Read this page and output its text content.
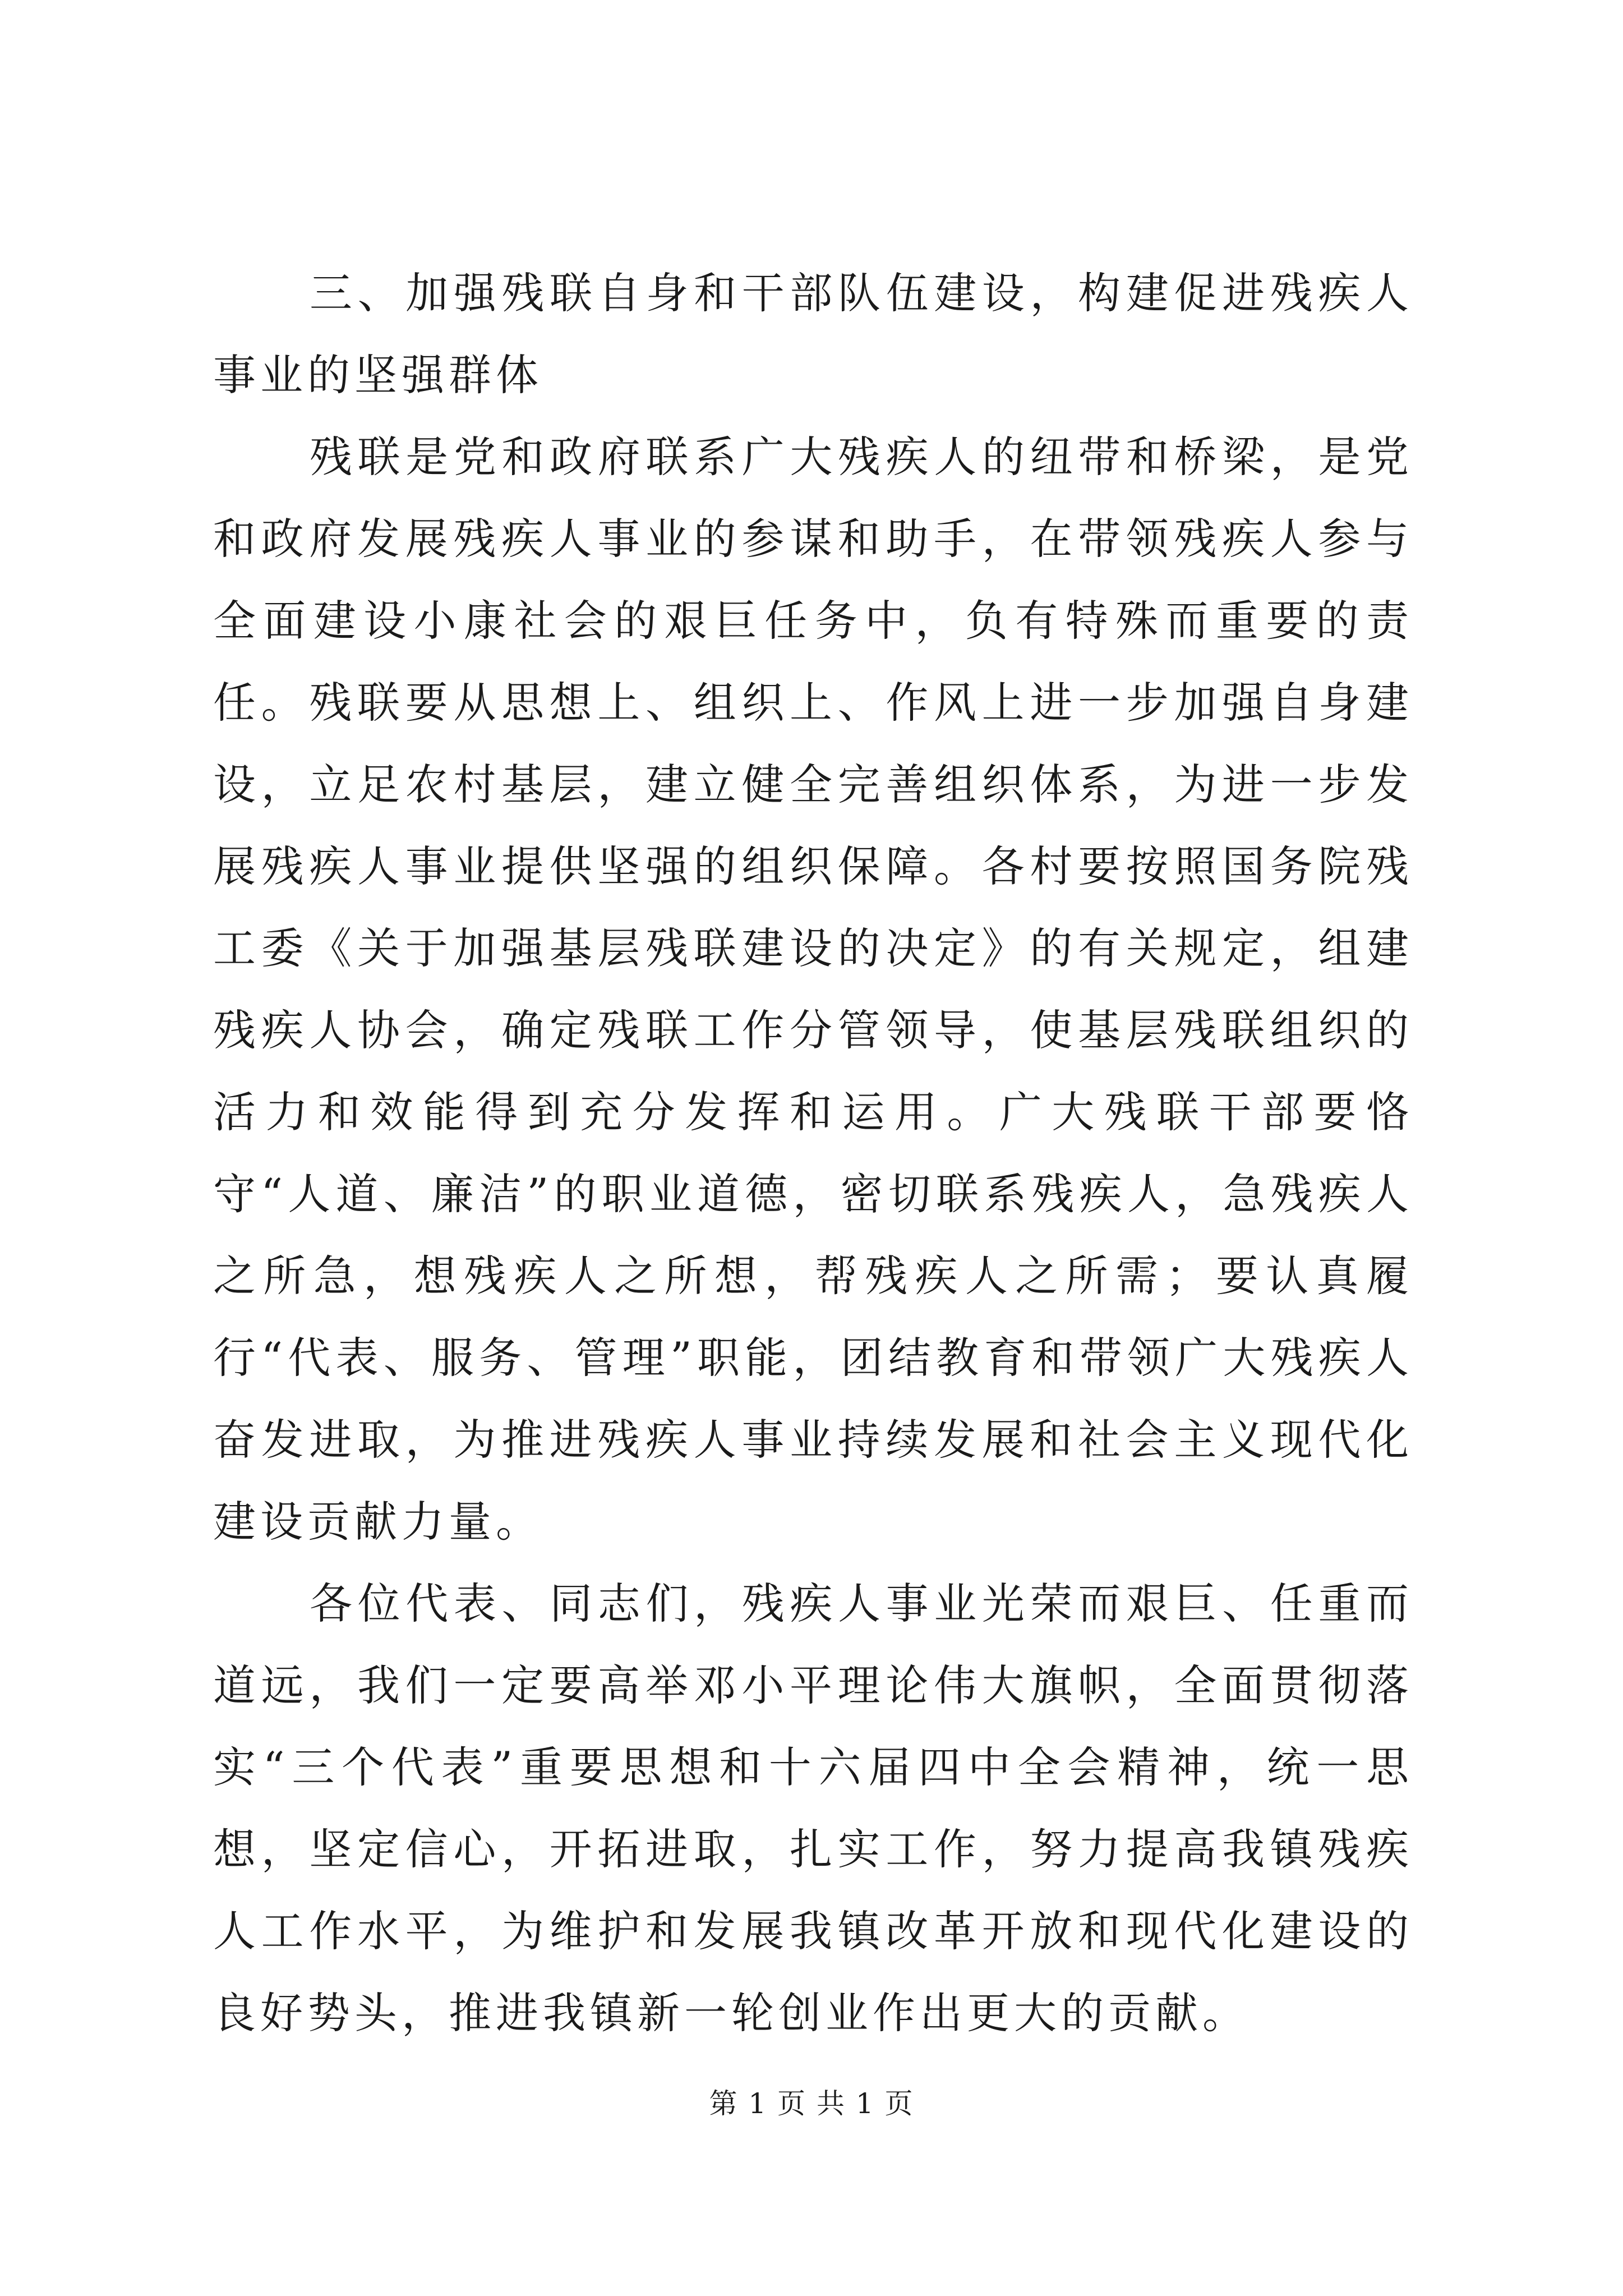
三、加强残联自身和干部队伍建设，构建促进残疾人事业的坚强群体

残联是党和政府联系广大残疾人的纽带和桥梁，是党和政府发展残疾人事业的参谋和助手，在带领残疾人参与全面建设小康社会的艰巨任务中，负有特殊而重要的责任。残联要从思想上、组织上、作风上进一步加强自身建设，立足农村基层，建立健全完善组织体系，为进一步发展残疾人事业提供坚强的组织保障。各村要按照国务院残工委《关于加强基层残联建设的决定》的有关规定，组建残疾人协会，确定残联工作分管领导，使基层残联组织的活力和效能得到充分发挥和运用。广大残联干部要恪守“人道、廉洁”的职业道德，密切联系残疾人，急残疾人之所急，想残疾人之所想，帮残疾人之所需；要认真履行“代表、服务、管理”职能，团结教育和带领广大残疾人奋发进取，为推进残疾人事业持续发展和社会主义现代化建设贡献力量。

各位代表、同志们，残疾人事业光荣而艰巨、任重而道远，我们一定要高举邓小平理论伟大旗帜，全面贯彻落实“三个代表”重要思想和十六届四中全会精神，统一思想，坚定信心，开拓进取，扎实工作，努力提高我镇残疾人工作水平，为维护和发展我镇改革开放和现代化建设的良好势头，推进我镇新一轮创业作出更大的贡献。

第 1 页 共 1 页
